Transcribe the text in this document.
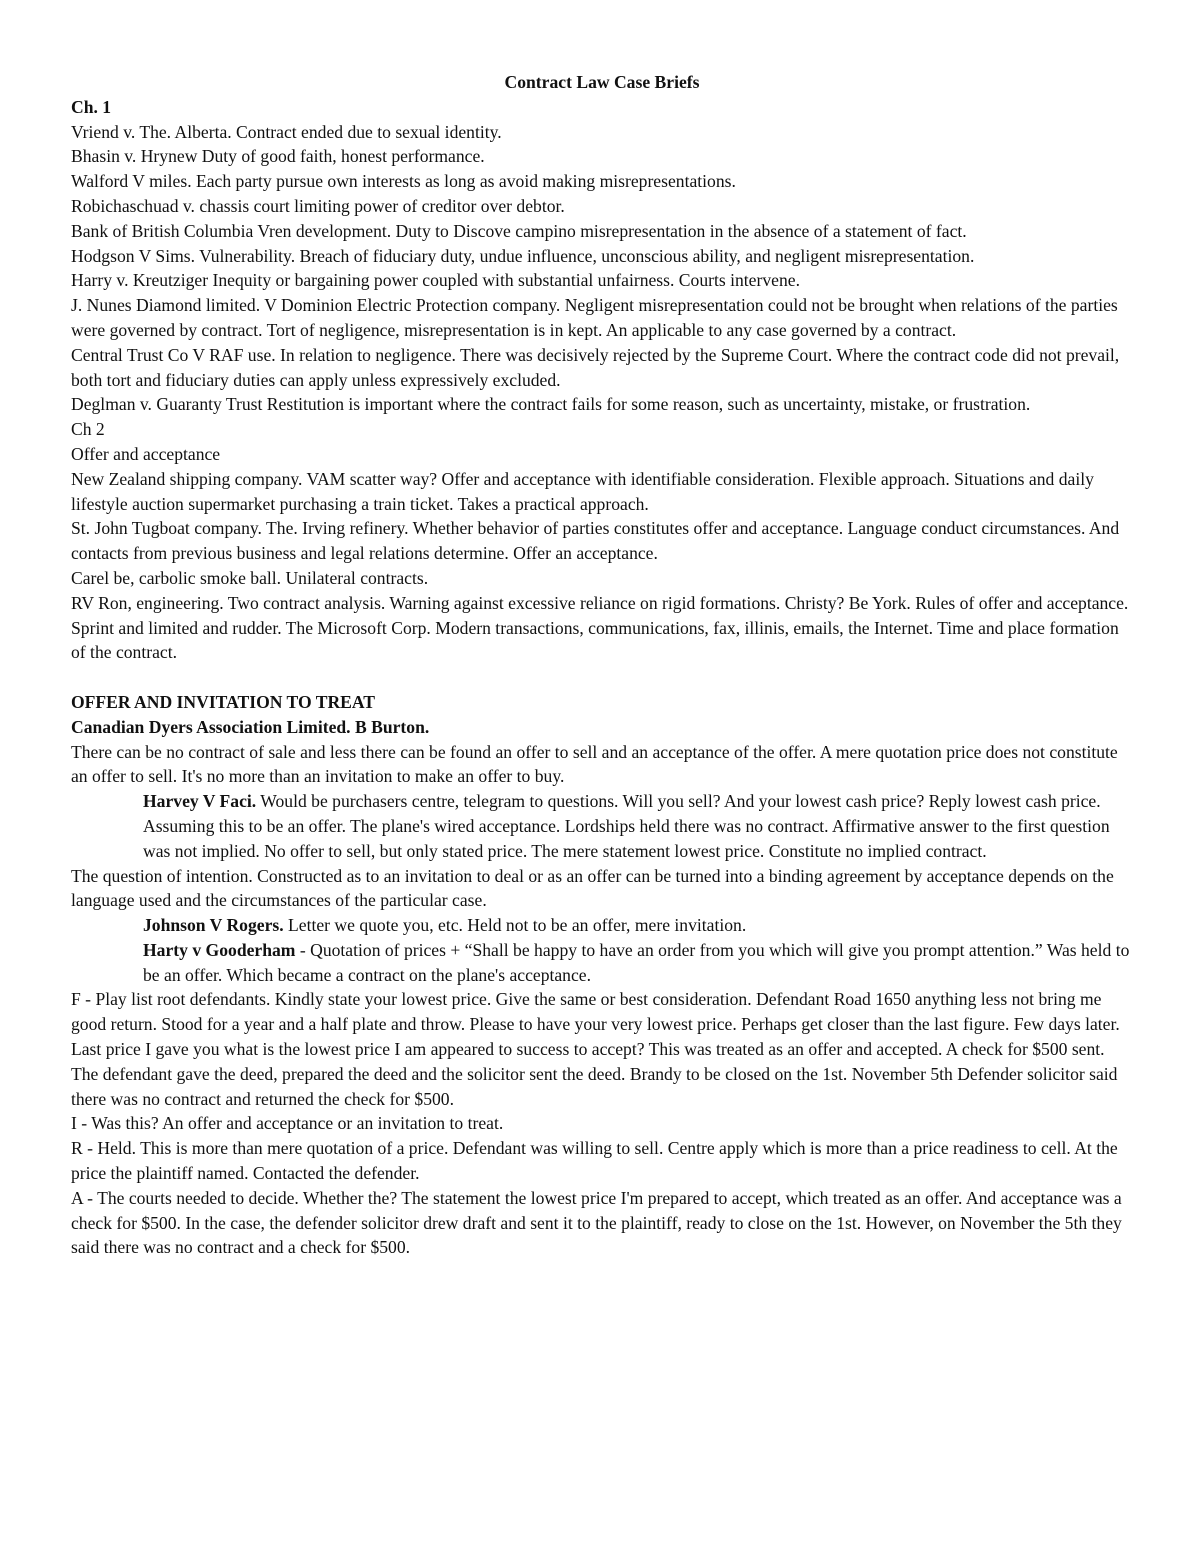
Contract Law Case Briefs

Ch. 1

Vriend v. The. Alberta. Contract ended due to sexual identity.

Bhasin v. Hrynew Duty of good faith, honest performance.

Walford V miles. Each party pursue own interests as long as avoid making misrepresentations.

Robichaschuad v. chassis court limiting power of creditor over debtor.

Bank of British Columbia Vren development. Duty to Discove campino misrepresentation in the absence of a statement of fact.

Hodgson V Sims. Vulnerability. Breach of fiduciary duty, undue influence, unconscious ability, and negligent misrepresentation.

Harry v. Kreutziger Inequity or bargaining power coupled with substantial unfairness. Courts intervene.

J. Nunes Diamond limited. V Dominion Electric Protection company. Negligent misrepresentation could not be brought when relations of the parties were governed by contract. Tort of negligence, misrepresentation is in kept. An applicable to any case governed by a contract.

Central Trust Co V RAF use. In relation to negligence. There was decisively rejected by the Supreme Court. Where the contract code did not prevail, both tort and fiduciary duties can apply unless expressively excluded.

Deglman v. Guaranty Trust Restitution is important where the contract fails for some reason, such as uncertainty, mistake, or frustration.

Ch 2

Offer and acceptance

New Zealand shipping company. VAM scatter way? Offer and acceptance with identifiable consideration. Flexible approach. Situations and daily lifestyle auction supermarket purchasing a train ticket. Takes a practical approach.

St. John Tugboat company. The. Irving refinery. Whether behavior of parties constitutes offer and acceptance. Language conduct circumstances. And contacts from previous business and legal relations determine. Offer an acceptance.

Carel be, carbolic smoke ball. Unilateral contracts.

RV Ron, engineering. Two contract analysis. Warning against excessive reliance on rigid formations. Christy? Be York. Rules of offer and acceptance.

Sprint and limited and rudder. The Microsoft Corp. Modern transactions, communications, fax, illinis, emails, the Internet. Time and place formation of the contract.

OFFER AND INVITATION TO TREAT

Canadian Dyers Association Limited. B Burton.

There can be no contract of sale and less there can be found an offer to sell and an acceptance of the offer. A mere quotation price does not constitute an offer to sell. It's no more than an invitation to make an offer to buy.

Harvey V Faci. Would be purchasers centre, telegram to questions. Will you sell? And your lowest cash price? Reply lowest cash price. Assuming this to be an offer. The plane's wired acceptance. Lordships held there was no contract. Affirmative answer to the first question was not implied. No offer to sell, but only stated price. The mere statement lowest price. Constitute no implied contract.

The question of intention. Constructed as to an invitation to deal or as an offer can be turned into a binding agreement by acceptance depends on the language used and the circumstances of the particular case.

Johnson V Rogers. Letter we quote you, etc. Held not to be an offer, mere invitation.

Harty v Gooderham - Quotation of prices + “Shall be happy to have an order from you which will give you prompt attention.” Was held to be an offer. Which became a contract on the plane's acceptance.

F - Play list root defendants. Kindly state your lowest price. Give the same or best consideration. Defendant Road 1650 anything less not bring me good return. Stood for a year and a half plate and throw. Please to have your very lowest price. Perhaps get closer than the last figure. Few days later. Last price I gave you what is the lowest price I am appeared to success to accept? This was treated as an offer and accepted. A check for $500 sent. The defendant gave the deed, prepared the deed and the solicitor sent the deed. Brandy to be closed on the 1st. November 5th Defender solicitor said there was no contract and returned the check for $500.

I - Was this? An offer and acceptance or an invitation to treat.

R - Held. This is more than mere quotation of a price. Defendant was willing to sell. Centre apply which is more than a price readiness to cell. At the price the plaintiff named. Contacted the defender.

A - The courts needed to decide. Whether the? The statement the lowest price I'm prepared to accept, which treated as an offer. And acceptance was a check for $500. In the case, the defender solicitor drew draft and sent it to the plaintiff, ready to close on the 1st. However, on November the 5th they said there was no contract and a check for $500.
